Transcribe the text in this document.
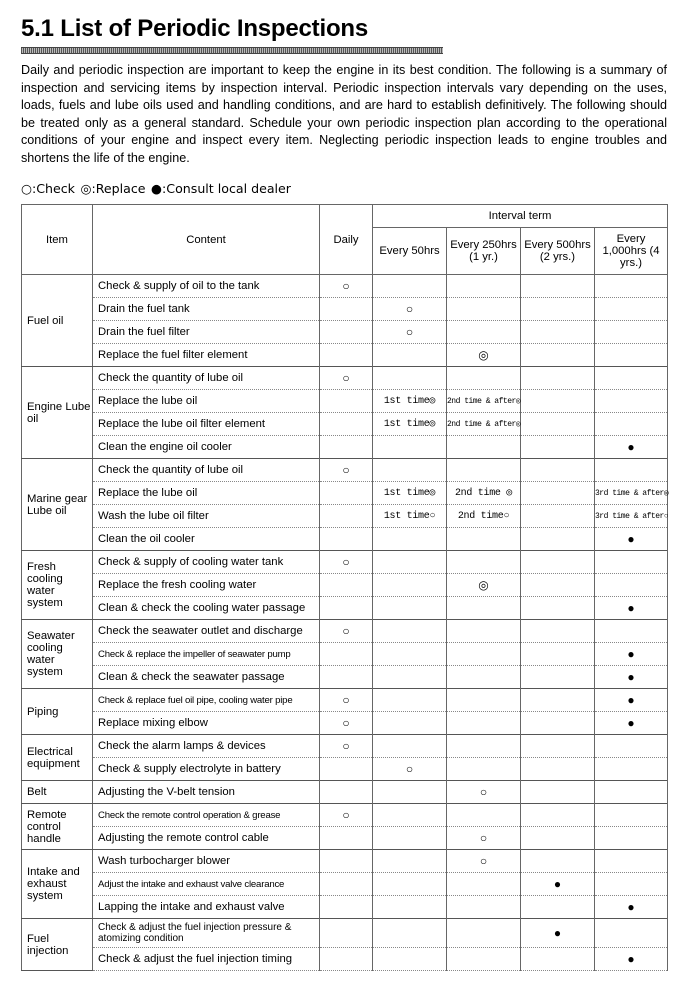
5.1 List of Periodic Inspections

Daily and periodic inspection are important to keep the engine in its best condition. The following is a summary of inspection and servicing items by inspection interval. Periodic inspection intervals vary depending on the uses, loads, fuels and lube oils used and handling conditions, and are hard to establish definitively. The following should be treated only as a general standard. Schedule your own periodic inspection plan according to the operational conditions of your engine and inspect every item. Neglecting periodic inspection leads to engine troubles and shortens the life of the engine.

○:Check ◎:Replace ●:Consult local dealer
Item	Content	Daily	Interval term			
			Every 50hrs	Every 250hrs (1 yr.)	Every 500hrs (2 yrs.)	Every 1,000hrs (4 yrs.)
Fuel oil	Check & supply of oil to the tank	○				
	Drain the fuel tank		○			
	Drain the fuel filter		○			
	Replace the fuel filter element			◎		
Engine Lube oil	Check the quantity of lube oil	○				
	Replace the lube oil		1st time◎	2nd time & after◎		
	Replace the lube oil filter element		1st time◎	2nd time & after◎		
	Clean the engine oil cooler					●
Marine gear Lube oil	Check the quantity of lube oil	○				
	Replace the lube oil		1st time◎	2nd time ◎		3rd time & after◎
	Wash the lube oil filter		1st time○	2nd time○		3rd time & after○
	Clean the oil cooler					●
Fresh cooling water system	Check & supply of cooling water tank	○				
	Replace the fresh cooling water			◎		
	Clean & check the cooling water passage					●
Seawater cooling water system	Check the seawater outlet and discharge	○				
	Check & replace the impeller of seawater pump					●
	Clean & check the seawater passage					●
Piping	Check & replace fuel oil pipe, cooling water pipe	○				●
	Replace mixing elbow	○				●
Electrical equipment	Check the alarm lamps & devices	○				
	Check & supply electrolyte in battery		○			
Belt	Adjusting the V-belt tension			○		
Remote control handle	Check the remote control operation & grease	○				
	Adjusting the remote control cable			○		
Intake and exhaust system	Wash turbocharger blower			○		
	Adjust the intake and exhaust valve clearance				●	
	Lapping the intake and exhaust valve					●
Fuel injection	Check & adjust the fuel injection pressure & atomizing condition				●	
	Check & adjust the fuel injection timing					●
